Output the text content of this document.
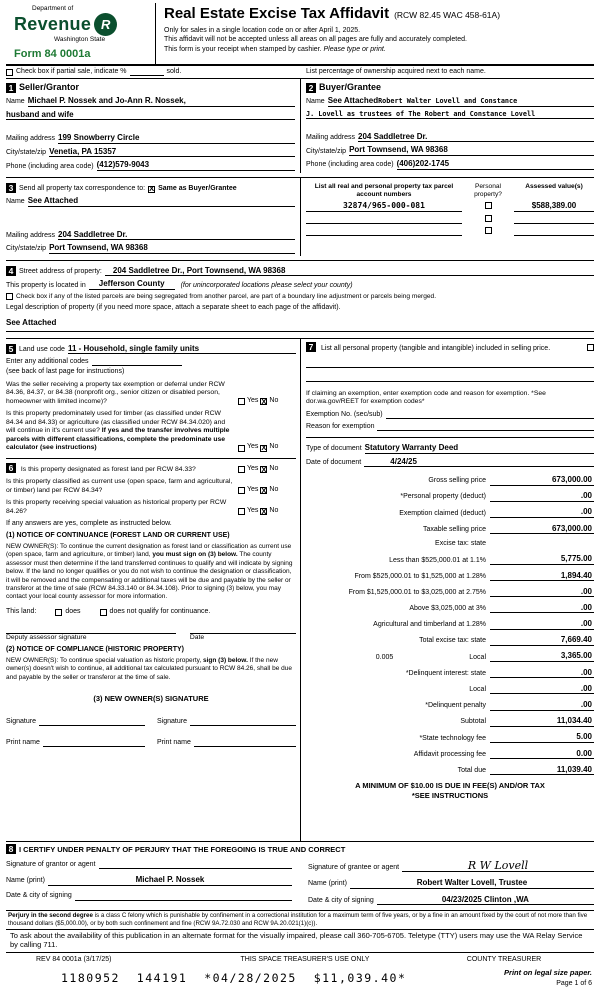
Department of
Revenue R
Washington State
Form 84 0001a
Real Estate Excise Tax Affidavit (RCW 82.45 WAC 458-61A)
Only for sales in a single location code on or after April 1, 2025.
This affidavit will not be accepted unless all areas on all pages are fully and accurately completed.
This form is your receipt when stamped by cashier. Please type or print.
Check box if partial sale, indicate %	sold.	List percentage of ownership acquired next to each name.
1 Seller/Grantor
Name Michael P. Nossek and Jo-Ann R. Nossek,
husband and wife
Mailing address 199 Snowberry Circle
City/state/zip Venetia, PA 15357
Phone (including area code) (412)579-9043
2 Buyer/Grantee
Name See Attached Robert Walter Lovell and Constance
J. Lovell as trustees of The Robert and Constance Lovell
Mailing address 204 Saddletree Dr.
City/state/zip Port Townsend, WA 98368
Phone (including area code) (406)202-1745
3 Send all property tax correspondence to: X Same as Buyer/Grantee
Name See Attached
Mailing address 204 Saddletree Dr.
City/state/zip Port Townsend, WA 98368
List all real and personal property tax parcel account numbers
Personal property?
Assessed value(s)
32874/965-000-081	$588,389.00
4 Street address of property:	204 Saddletree Dr., Port Townsend, WA 98368
This property is located in	Jefferson County	(for unincorporated locations please select your county)
Check box if any of the listed parcels are being segregated from another parcel, are part of a boundary line adjustment or parcels being merged.
Legal description of property (if you need more space, attach a separate sheet to each page of the affidavit).
See Attached
5 Land use code 11 - Household, single family units
Enter any additional codes
(see back of last page for instructions)
Was the seller receiving a property tax exemption or deferral under RCW 84.36, 84.37, or 84.38 (nonprofit org., senior citizen or disabled person, homeowner with limited income)?	Yes X No
Is this property predominately used for timber (as classified under RCW 84.34 and 84.33) or agriculture (as classified under RCW 84.34.020) and will continue in it's current use? If yes and the transfer involves multiple parcels with different classifications, complete the predominate use calculator (see instructions)	Yes X No
6 Is this property designated as forest land per RCW 84.33?	Yes X No
Is this property classified as current use (open space, farm and agricultural, or timber) land per RCW 84.34?	Yes X No
Is this property receiving special valuation as historical property per RCW 84.26?	Yes X No
If any answers are yes, complete as instructed below.
(1) NOTICE OF CONTINUANCE (FOREST LAND OR CURRENT USE)
NEW OWNER(S): To continue the current designation as forest land or classification as current use (open space, farm and agriculture, or timber) land, you must sign on (3) below. The county assessor must then determine if the land transferred continues to qualify and will indicate by signing below. If the land no longer qualifies or you do not wish to continue the designation or classification, it will be removed and the compensating or additional taxes will be due and payable by the seller or transferor at the time of sale (RCW 84.33.140 or 84.34.108). Prior to signing (3) below, you may contact your local county assessor for more information.
This land:	does	does not qualify for continuance.
Deputy assessor signature	Date
(2) NOTICE OF COMPLIANCE (HISTORIC PROPERTY)
NEW OWNER(S): To continue special valuation as historic property, sign (3) below. If the new owner(s) doesn't wish to continue, all additional tax calculated pursuant to RCW 84.26, shall be due and payable by the seller or transferor at the time of sale.
(3) NEW OWNER(S) SIGNATURE
Signature	Signature
Print name	Print name
7 List all personal property (tangible and intangible) included in selling price.
If claiming an exemption, enter exemption code and reason for exemption. *See dor.wa.gov/REET for exemption codes*
Exemption No. (sec/sub)
Reason for exemption
Type of document Statutory Warranty Deed
Date of document	4/24/25
Gross selling price	673,000.00
*Personal property (deduct)	.00
Exemption claimed (deduct)	.00
Taxable selling price	673,000.00
Excise tax: state
Less than $525,000.01 at 1.1%	5,775.00
From $525,000.01 to $1,525,000 at 1.28%	1,894.40
From $1,525,000.01 to $3,025,000 at 2.75%	.00
Above $3,025,000 at 3%	.00
Agricultural and timberland at 1.28%	.00
Total excise tax: state	7,669.40
0.005	Local	3,365.00
*Delinquent interest: state	.00
Local	.00
*Delinquent penalty	.00
Subtotal	11,034.40
*State technology fee	5.00
Affidavit processing fee	0.00
Total due	11,039.40
A MINIMUM OF $10.00 IS DUE IN FEE(S) AND/OR TAX
*SEE INSTRUCTIONS
8 I CERTIFY UNDER PENALTY OF PERJURY THAT THE FOREGOING IS TRUE AND CORRECT
Signature of grantor or agent
Name (print)	Michael P. Nossek
Date & city of signing
Signature of grantee or agent	R W Lovell
Name (print)	Robert Walter Lovell, Trustee
Date & city of signing	04/23/2025 Clinton ,WA
Perjury in the second degree is a class C felony which is punishable by confinement in a correctional institution for a maximum term of five years, or by a fine in an amount fixed by the court of not more than five thousand dollars ($5,000.00), or by both such confinement and fine (RCW 9A.72.030 and RCW 9A.20.021(1)(c)).
To ask about the availability of this publication in an alternate format for the visually impaired, please call 360-705-6705. Teletype (TTY) users may use the WA Relay Service by calling 711.
REV 84 0001a (3/17/25)	THIS SPACE TREASURER'S USE ONLY	COUNTY TREASURER
1180952  144191  *04/28/2025  $11,039.40*	Print on legal size paper.
Page 1 of 6
